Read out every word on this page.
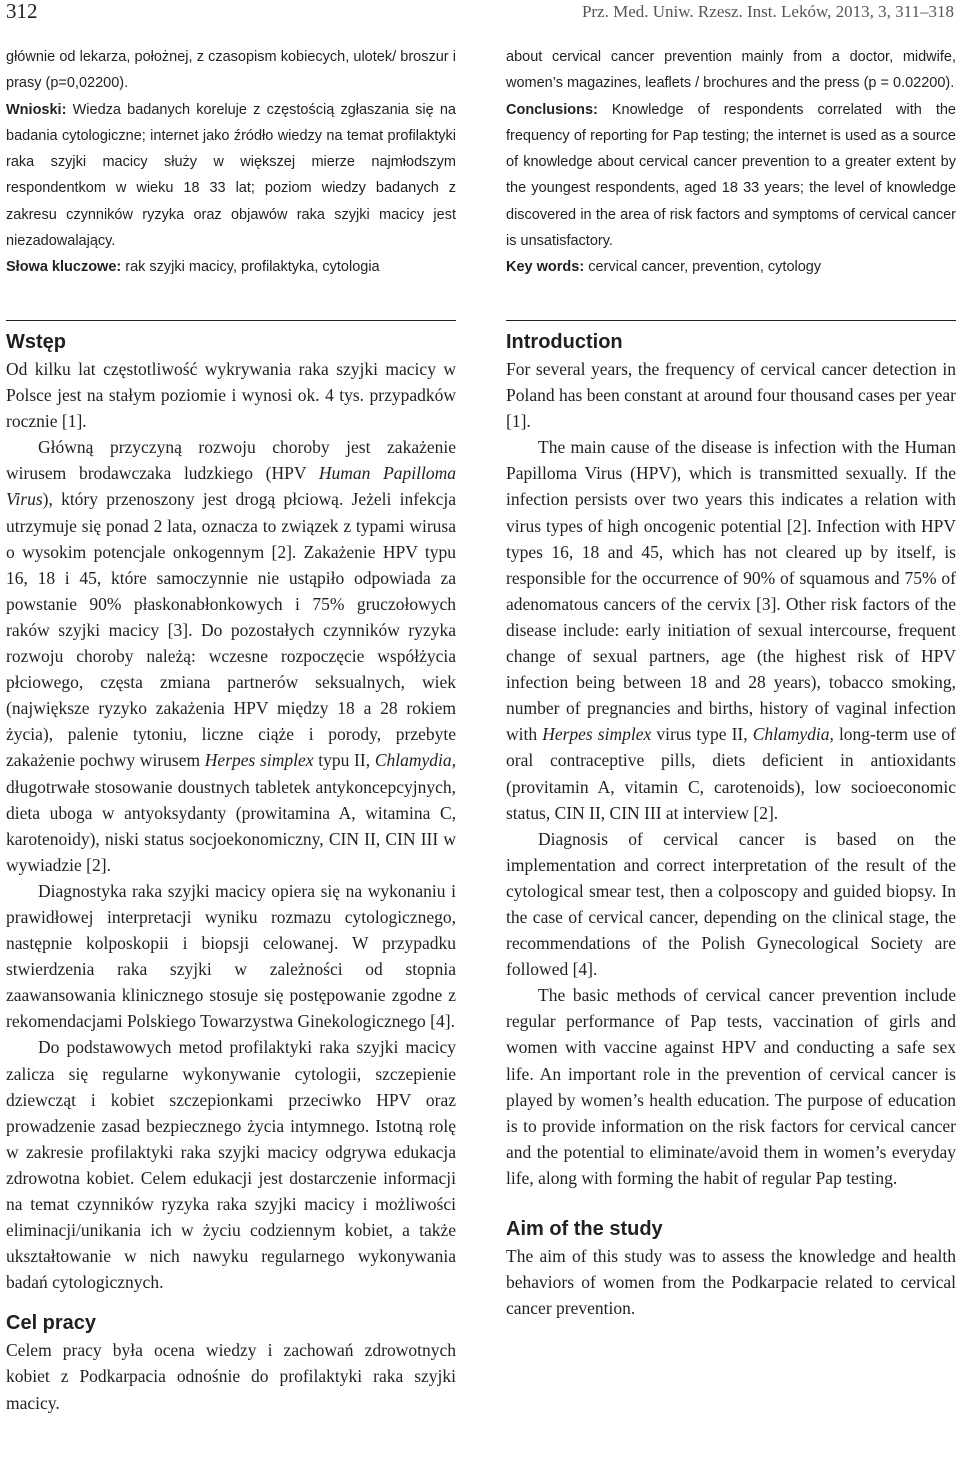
312	Prz. Med. Uniw. Rzesz. Inst. Leków, 2013, 3, 311–318

głównie od lekarza, położnej, z czasopism kobiecych, ulotek/ broszur i prasy (p=0,02200).

Wnioski: Wiedza badanych koreluje z częstością zgłaszania się na badania cytologiczne; internet jako źródło wiedzy na temat profilaktyki raka szyjki macicy służy w większej mierze najmłodszym respondentkom w wieku 18 33 lat; poziom wiedzy badanych z zakresu czynników ryzyka oraz objawów raka szyjki macicy jest niezadowalający.

Słowa kluczowe: rak szyjki macicy, profilaktyka, cytologia

about cervical cancer prevention mainly from a doctor, midwife, women’s magazines, leaflets / brochures and the press (p = 0.02200).

Conclusions: Knowledge of respondents correlated with the frequency of reporting for Pap testing; the internet is used as a source of knowledge about cervical cancer prevention to a greater extent by the youngest respondents, aged 18 33 years; the level of knowledge discovered in the area of risk factors and symptoms of cervical cancer is unsatisfactory.

Key words: cervical cancer, prevention, cytology

Wstęp

Od kilku lat częstotliwość wykrywania raka szyjki macicy w Polsce jest na stałym poziomie i wynosi ok. 4 tys. przypadków rocznie [1].

Główną przyczyną rozwoju choroby jest zakażenie wirusem brodawczaka ludzkiego (HPV Human Papilloma Virus), który przenoszony jest drogą płciową. Jeżeli infekcja utrzymuje się ponad 2 lata, oznacza to związek z typami wirusa o wysokim potencjale onkogennym [2]. Zakażenie HPV typu 16, 18 i 45, które samoczynnie nie ustąpiło odpowiada za powstanie 90% płaskonabłonkowych i 75% gruczołowych raków szyjki macicy [3]. Do pozostałych czynników ryzyka rozwoju choroby należą: wczesne rozpoczęcie współżycia płciowego, częsta zmiana partnerów seksualnych, wiek (największe ryzyko zakażenia HPV między 18 a 28 rokiem życia), palenie tytoniu, liczne ciąże i porody, przebyte zakażenie pochwy wirusem Herpes simplex typu II, Chlamydia, długotrwałe stosowanie doustnych tabletek antykoncepcyjnych, dieta uboga w antyoksydanty (prowitamina A, witamina C, karotenoidy), niski status socjoekonomiczny, CIN II, CIN III w wywiadzie [2].

Diagnostyka raka szyjki macicy opiera się na wykonaniu i prawidłowej interpretacji wyniku rozmazu cytologicznego, następnie kolposkopii i biopsji celowanej. W przypadku stwierdzenia raka szyjki w zależności od stopnia zaawansowania klinicznego stosuje się postępowanie zgodne z rekomendacjami Polskiego Towarzystwa Ginekologicznego [4].

Do podstawowych metod profilaktyki raka szyjki macicy zalicza się regularne wykonywanie cytologii, szczepienie dziewcząt i kobiet szczepionkami przeciwko HPV oraz prowadzenie zasad bezpiecznego życia intymnego. Istotną rolę w zakresie profilaktyki raka szyjki macicy odgrywa edukacja zdrowotna kobiet. Celem edukacji jest dostarczenie informacji na temat czynników ryzyka raka szyjki macicy i możliwości eliminacji/unikania ich w życiu codziennym kobiet, a także ukształtowanie w nich nawyku regularnego wykonywania badań cytologicznych.

Cel pracy

Celem pracy była ocena wiedzy i zachowań zdrowotnych kobiet z Podkarpacia odnośnie do profilaktyki raka szyjki macicy.

Introduction

For several years, the frequency of cervical cancer detection in Poland has been constant at around four thousand cases per year [1].

The main cause of the disease is infection with the Human Papilloma Virus (HPV), which is transmitted sexually. If the infection persists over two years this indicates a relation with virus types of high oncogenic potential [2]. Infection with HPV types 16, 18 and 45, which has not cleared up by itself, is responsible for the occurrence of 90% of squamous and 75% of adenomatous cancers of the cervix [3]. Other risk factors of the disease include: early initiation of sexual intercourse, frequent change of sexual partners, age (the highest risk of HPV infection being between 18 and 28 years), tobacco smoking, number of pregnancies and births, history of vaginal infection with Herpes simplex virus type II, Chlamydia, long-term use of oral contraceptive pills, diets deficient in antioxidants (provitamin A, vitamin C, carotenoids), low socioeconomic status, CIN II, CIN III at interview [2].

Diagnosis of cervical cancer is based on the implementation and correct interpretation of the result of the cytological smear test, then a colposcopy and guided biopsy. In the case of cervical cancer, depending on the clinical stage, the recommendations of the Polish Gynecological Society are followed [4].

The basic methods of cervical cancer prevention include regular performance of Pap tests, vaccination of girls and women with vaccine against HPV and conducting a safe sex life. An important role in the prevention of cervical cancer is played by women’s health education. The purpose of education is to provide information on the risk factors for cervical cancer and the potential to eliminate/avoid them in women’s everyday life, along with forming the habit of regular Pap testing.

Aim of the study

The aim of this study was to assess the knowledge and health behaviors of women from the Podkarpacie related to cervical cancer prevention.
